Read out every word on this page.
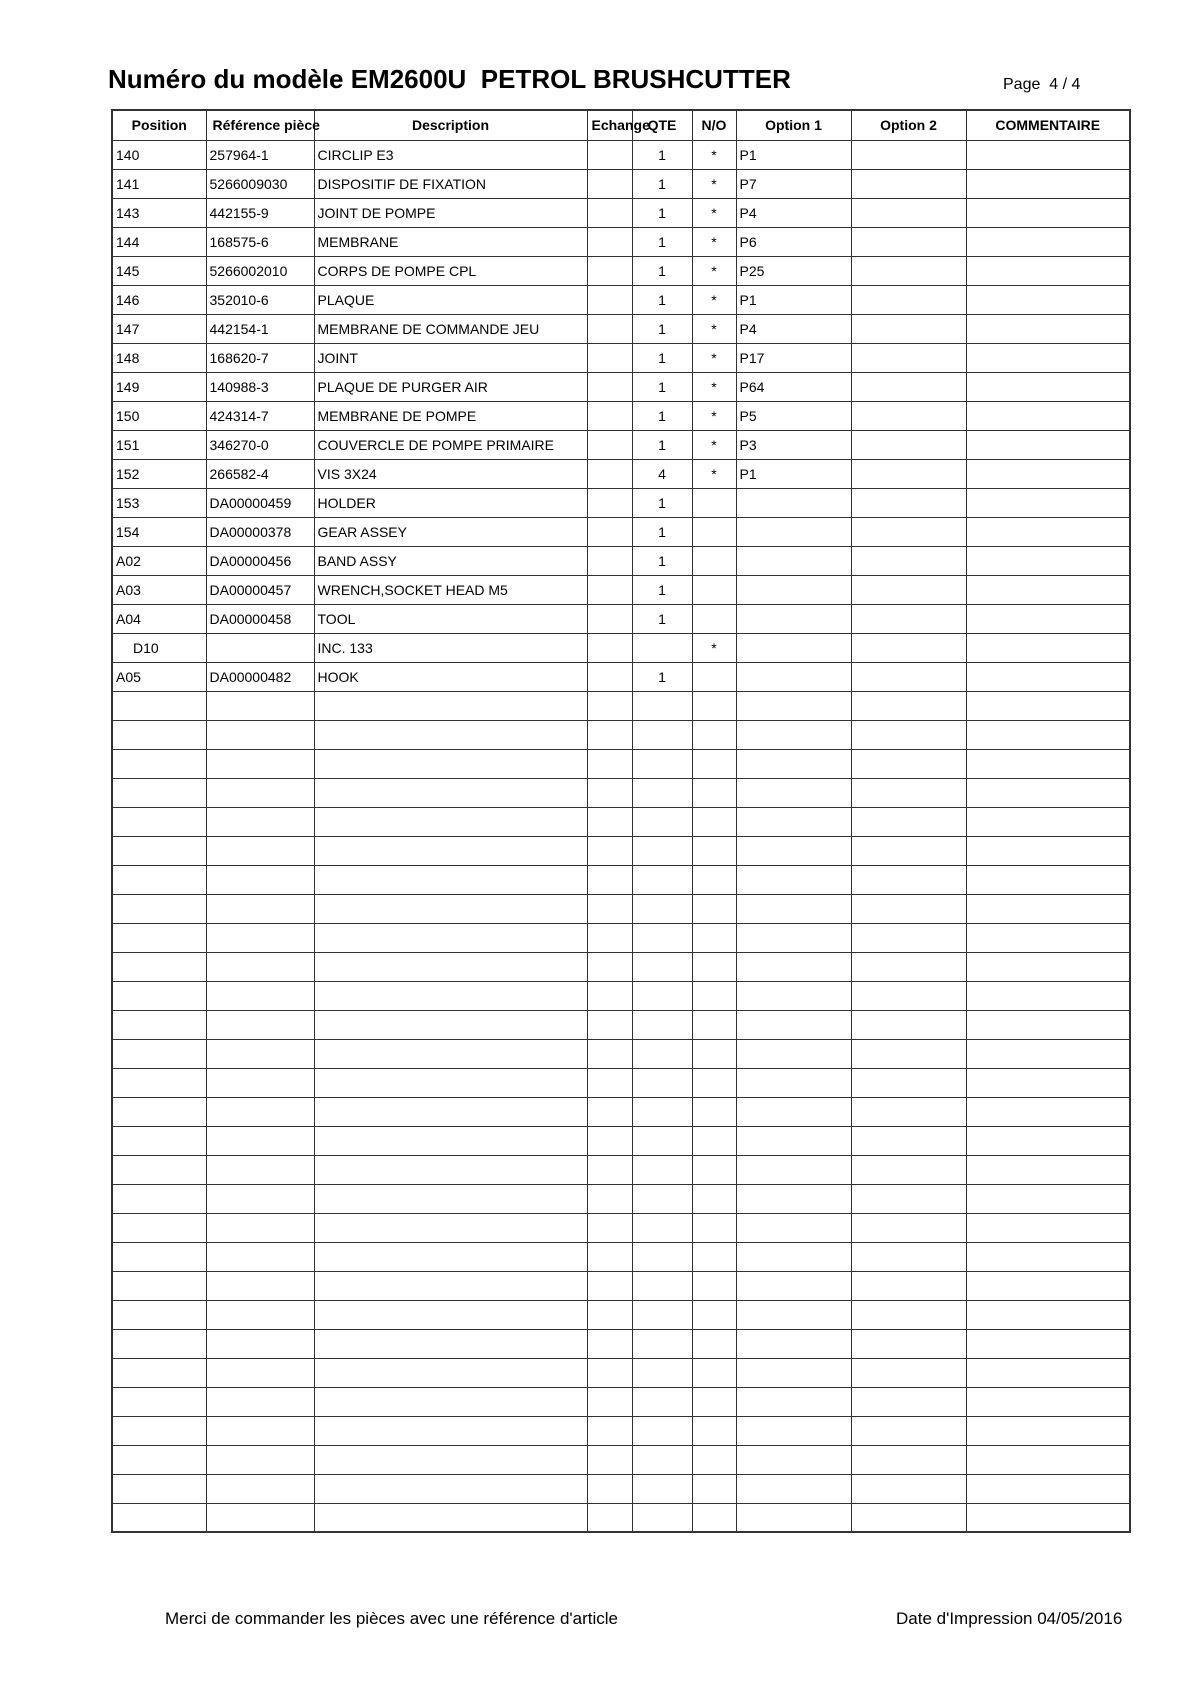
Numéro du modèle EM2600U  PETROL BRUSHCUTTER	Page  4 / 4
Position	Référence pièce	Description	Echange	QTE	N/O	Option 1	Option 2	COMMENTAIRE
140	257964-1	CIRCLIP E3		1	*	P1		
141	5266009030	DISPOSITIF DE FIXATION		1	*	P7		
143	442155-9	JOINT DE POMPE		1	*	P4		
144	168575-6	MEMBRANE		1	*	P6		
145	5266002010	CORPS DE POMPE CPL		1	*	P25		
146	352010-6	PLAQUE		1	*	P1		
147	442154-1	MEMBRANE DE COMMANDE JEU		1	*	P4		
148	168620-7	JOINT		1	*	P17		
149	140988-3	PLAQUE DE PURGER AIR		1	*	P64		
150	424314-7	MEMBRANE DE POMPE		1	*	P5		
151	346270-0	COUVERCLE DE POMPE PRIMAIRE		1	*	P3		
152	266582-4	VIS 3X24		4	*	P1		
153	DA00000459	HOLDER		1				
154	DA00000378	GEAR ASSEY		1				
A02	DA00000456	BAND ASSY		1				
A03	DA00000457	WRENCH,SOCKET HEAD M5		1				
A04	DA00000458	TOOL		1				
D10		INC. 133			*			
A05	DA00000482	HOOK		1				

Merci de commander les pièces avec une référence d'article	Date d'Impression 04/05/2016
